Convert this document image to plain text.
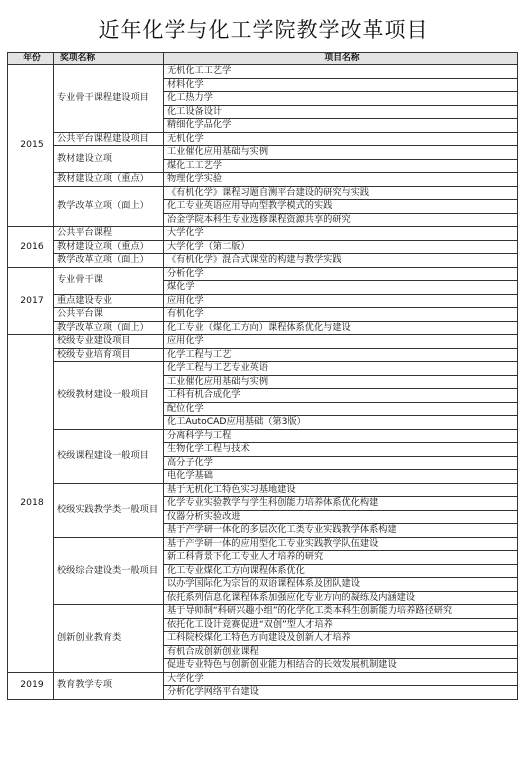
近年化学与化工学院教学改革项目
年份	奖项名称	项目名称
2015	专业骨干课程建设项目	无机化工工艺学
		材料化学
		化工热力学
		化工设备设计
		精细化学品化学
	公共平台课程建设项目	无机化学
	教材建设立项	工业催化应用基础与实例
		煤化工工艺学
	教材建设立项（重点）	物理化学实验
	教学改革立项（面上）	《有机化学》课程习题自测平台建设的研究与实践
		化工专业英语应用导向型教学模式的实践
		冶金学院本科生专业选修课程资源共享的研究
2016	公共平台课程	大学化学
	教材建设立项（重点）	大学化学（第二版）
	教学改革立项（面上）	《有机化学》混合式课堂的构建与教学实践
2017	专业骨干课	分析化学
		煤化学
	重点建设专业	应用化学
	公共平台课	有机化学
	教学改革立项（面上）	化工专业（煤化工方向）课程体系优化与建设
2018	校级专业建设项目	应用化学
	校级专业培育项目	化学工程与工艺
	校级教材建设一般项目	化学工程与工艺专业英语
		工业催化应用基础与实例
		工科有机合成化学
		配位化学
		化工AutoCAD应用基础（第3版）
	校级课程建设一般项目	分离科学与工程
		生物化学工程与技术
		高分子化学
		电化学基础
	校级实践教学类一般项目	基于无机化工特色实习基地建设
		化学专业实验教学与学生科创能力培养体系优化构建
		仪器分析实验改进
		基于产学研一体化的多层次化工类专业实践教学体系构建
	校级综合建设类一般项目	基于产学研一体的应用型化工专业实践教学队伍建设
		新工科背景下化工专业人才培养的研究
		化工专业煤化工方向课程体系优化
		以办学国际化为宗旨的双语课程体系及团队建设
		依托系列信息化课程体系加强应化专业方向的凝练及内涵建设
	创新创业教育类	基于导师制“科研兴趣小组”的化学化工类本科生创新能力培养路径研究
		依托化工设计竞赛促进“双创”型人才培养
		工科院校煤化工特色方向建设及创新人才培养
		有机合成创新创业课程
		促进专业特色与创新创业能力相结合的长效发展机制建设
2019	教育教学专项	大学化学
		分析化学网络平台建设
